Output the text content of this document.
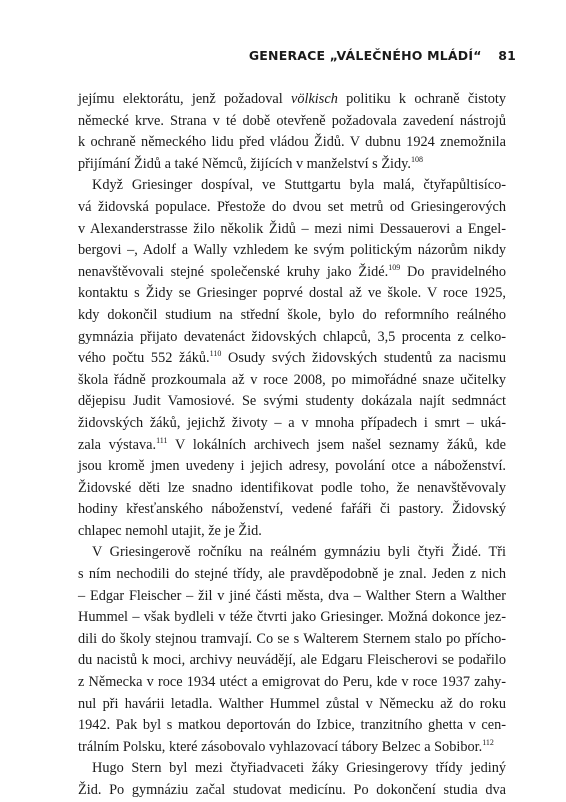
GENERACE „VÁLEČNÉHO MLÁDÍ“ 81
jejímu elektorátu, jenž požadoval völkisch politiku k ochraně čistoty
německé krve. Strana v té době otevřeně požadovala zavedení nástrojů
k ochraně německého lidu před vládou Židů. V dubnu 1924 znemožnila
přijímání Židů a také Němců, žijících v manželství s Židy.$^{108}$
Když Griesinger dospíval, ve Stuttgartu byla malá, čtyřapůltisíco-
vá židovská populace. Přestože do dvou set metrů od Griesingerových
v Alexanderstrasse žilo několik Židů – mezi nimi Dessauerovi a Engel-
bergovi –, Adolf a Wally vzhledem ke svým politickým názorům nikdy
nenavštěvovali stejné společenské kruhy jako Židé.$^{109}$ Do pravidelného
kontaktu s Židy se Griesinger poprvé dostal až ve škole. V roce 1925,
kdy dokončil studium na střední škole, bylo do reformního reálného
gymnázia přijato devatenáct židovských chlapců, 3,5 procenta z celko-
vého počtu 552 žáků.$^{110}$ Osudy svých židovských studentů za nacismu
škola řádně prozkoumala až v roce 2008, po mimořádné snaze učitelky
dějepisu Judit Vamosiové. Se svými studenty dokázala najít sedmnáct
židovských žáků, jejichž životy – a v mnoha případech i smrt – uká-
zala výstava.$^{111}$ V lokálních archivech jsem našel seznamy žáků, kde
jsou kromě jmen uvedeny i jejich adresy, povolání otce a náboženství.
Židovské děti lze snadno identifikovat podle toho, že nenavštěvovaly
hodiny křesťanského náboženství, vedené fařáři či pastory. Židovský
chlapec nemohl utajit, že je Žid.
V Griesingerově ročníku na reálném gymnáziu byli čtyři Židé. Tři
s ním nechodili do stejné třídy, ale pravděpodobně je znal. Jeden z nich
– Edgar Fleischer – žil v jiné části města, dva – Walther Stern a Walther
Hummel – však bydleli v téže čtvrti jako Griesinger. Možná dokonce jez-
dili do školy stejnou tramvají. Co se s Walterem Sternem stalo po přícho-
du nacistů k moci, archivy neuvádějí, ale Edgaru Fleischerovi se podařilo
z Německa v roce 1934 utéct a emigrovat do Peru, kde v roce 1937 zahy-
nul při havárii letadla. Walther Hummel zůstal v Německu až do roku
1942. Pak byl s matkou deportován do Izbice, tranzitního ghetta v cen-
trálním Polsku, které zásobovalo vyhlazovací tábory Belzec a Sobibor.$^{112}$
Hugo Stern byl mezi čtyřiadvaceti žáky Griesingerovy třídy jediný
Žid. Po gymnáziu začal studovat medicínu. Po dokončení studia dva
